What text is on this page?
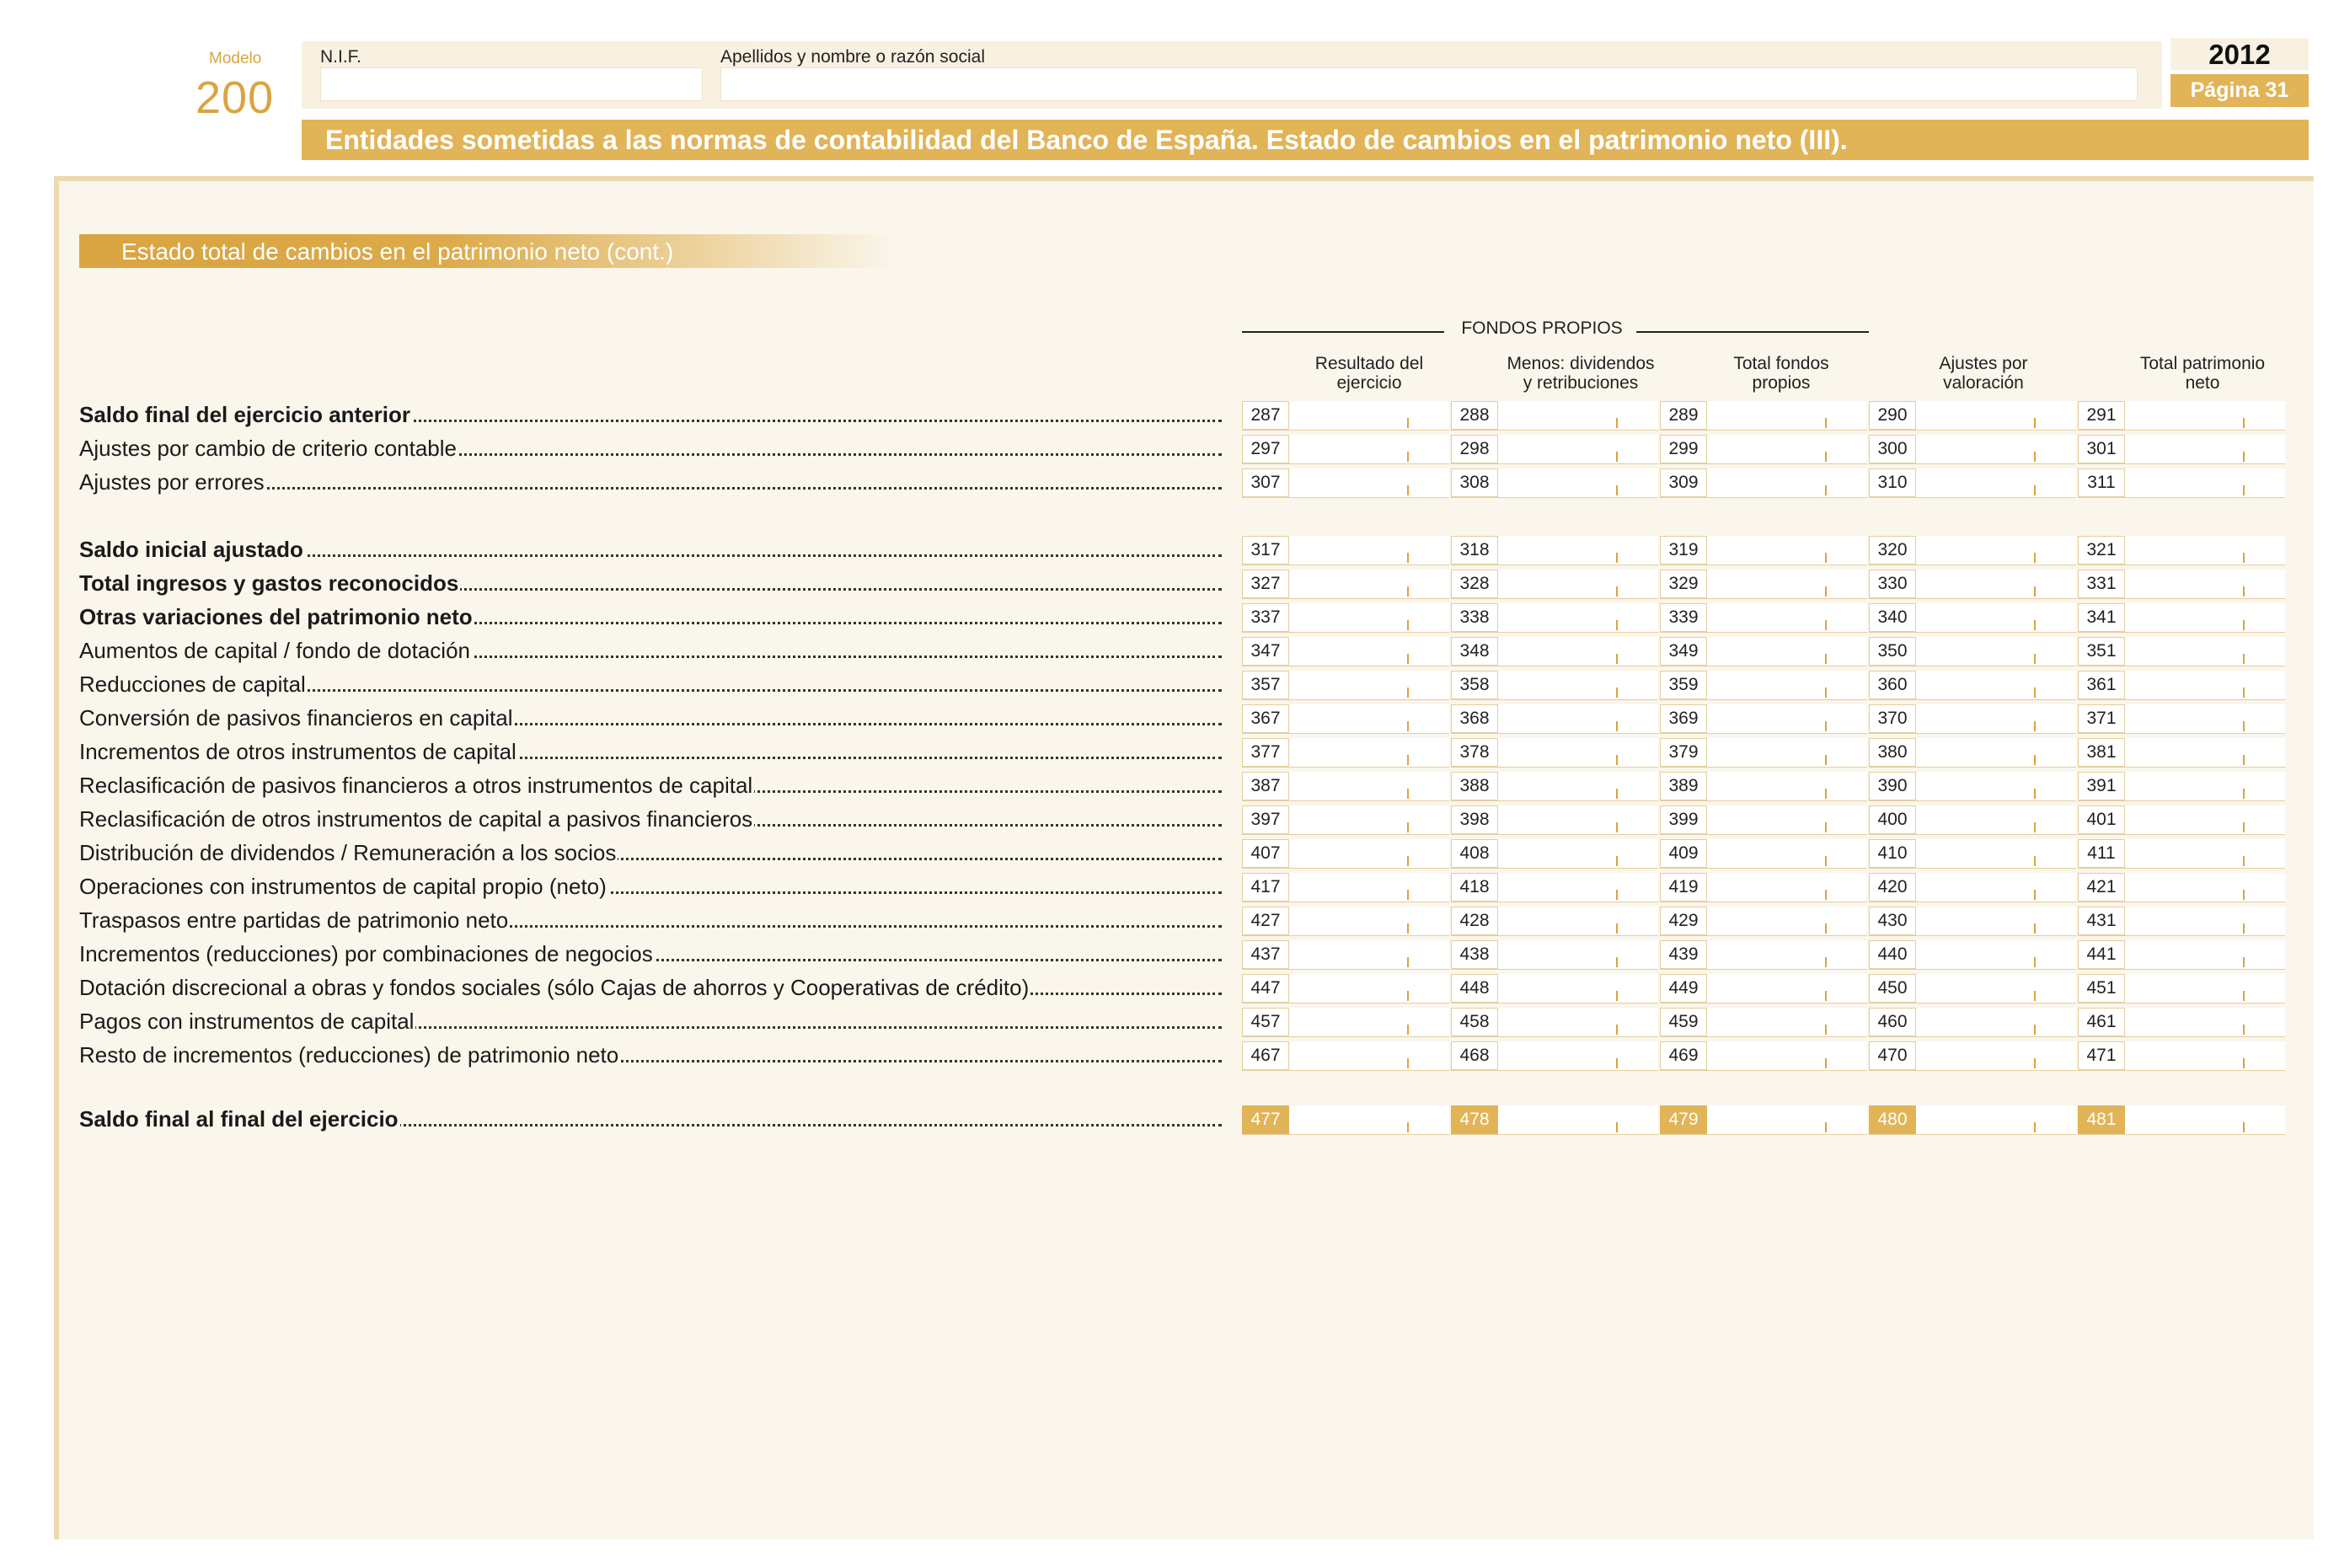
Modelo
200
N.I.F.	Apellidos y nombre o razón social	2012
Página 31
Entidades sometidas a las normas de contabilidad del Banco de España. Estado de cambios en el patrimonio neto (III).
Estado total de cambios en el patrimonio neto (cont.)
FONDOS PROPIOS
Resultado del
ejercicio
Menos: dividendos
y retribuciones
Total fondos
propios
Ajustes por
valoración
Total patrimonio
neto
Saldo final del ejercicio anterior	287	288	289	290	291
Ajustes por cambio de criterio contable	297	298	299	300	301
Ajustes por errores	307	308	309	310	311
Saldo inicial ajustado	317	318	319	320	321
Total ingresos y gastos reconocidos	327	328	329	330	331
Otras variaciones del patrimonio neto	337	338	339	340	341
Aumentos de capital / fondo de dotación	347	348	349	350	351
Reducciones de capital	357	358	359	360	361
Conversión de pasivos financieros en capital	367	368	369	370	371
Incrementos de otros instrumentos de capital	377	378	379	380	381
Reclasificación de pasivos financieros a otros instrumentos de capital	387	388	389	390	391
Reclasificación de otros instrumentos de capital a pasivos financieros	397	398	399	400	401
Distribución de dividendos / Remuneración a los socios	407	408	409	410	411
Operaciones con instrumentos de capital propio (neto)	417	418	419	420	421
Traspasos entre partidas de patrimonio neto	427	428	429	430	431
Incrementos (reducciones) por combinaciones de negocios	437	438	439	440	441
Dotación discrecional a obras y fondos sociales (sólo Cajas de ahorros y Cooperativas de crédito)	447	448	449	450	451
Pagos con instrumentos de capital	457	458	459	460	461
Resto de incrementos (reducciones) de patrimonio neto	467	468	469	470	471
Saldo final al final del ejercicio	477	478	479	480	481
